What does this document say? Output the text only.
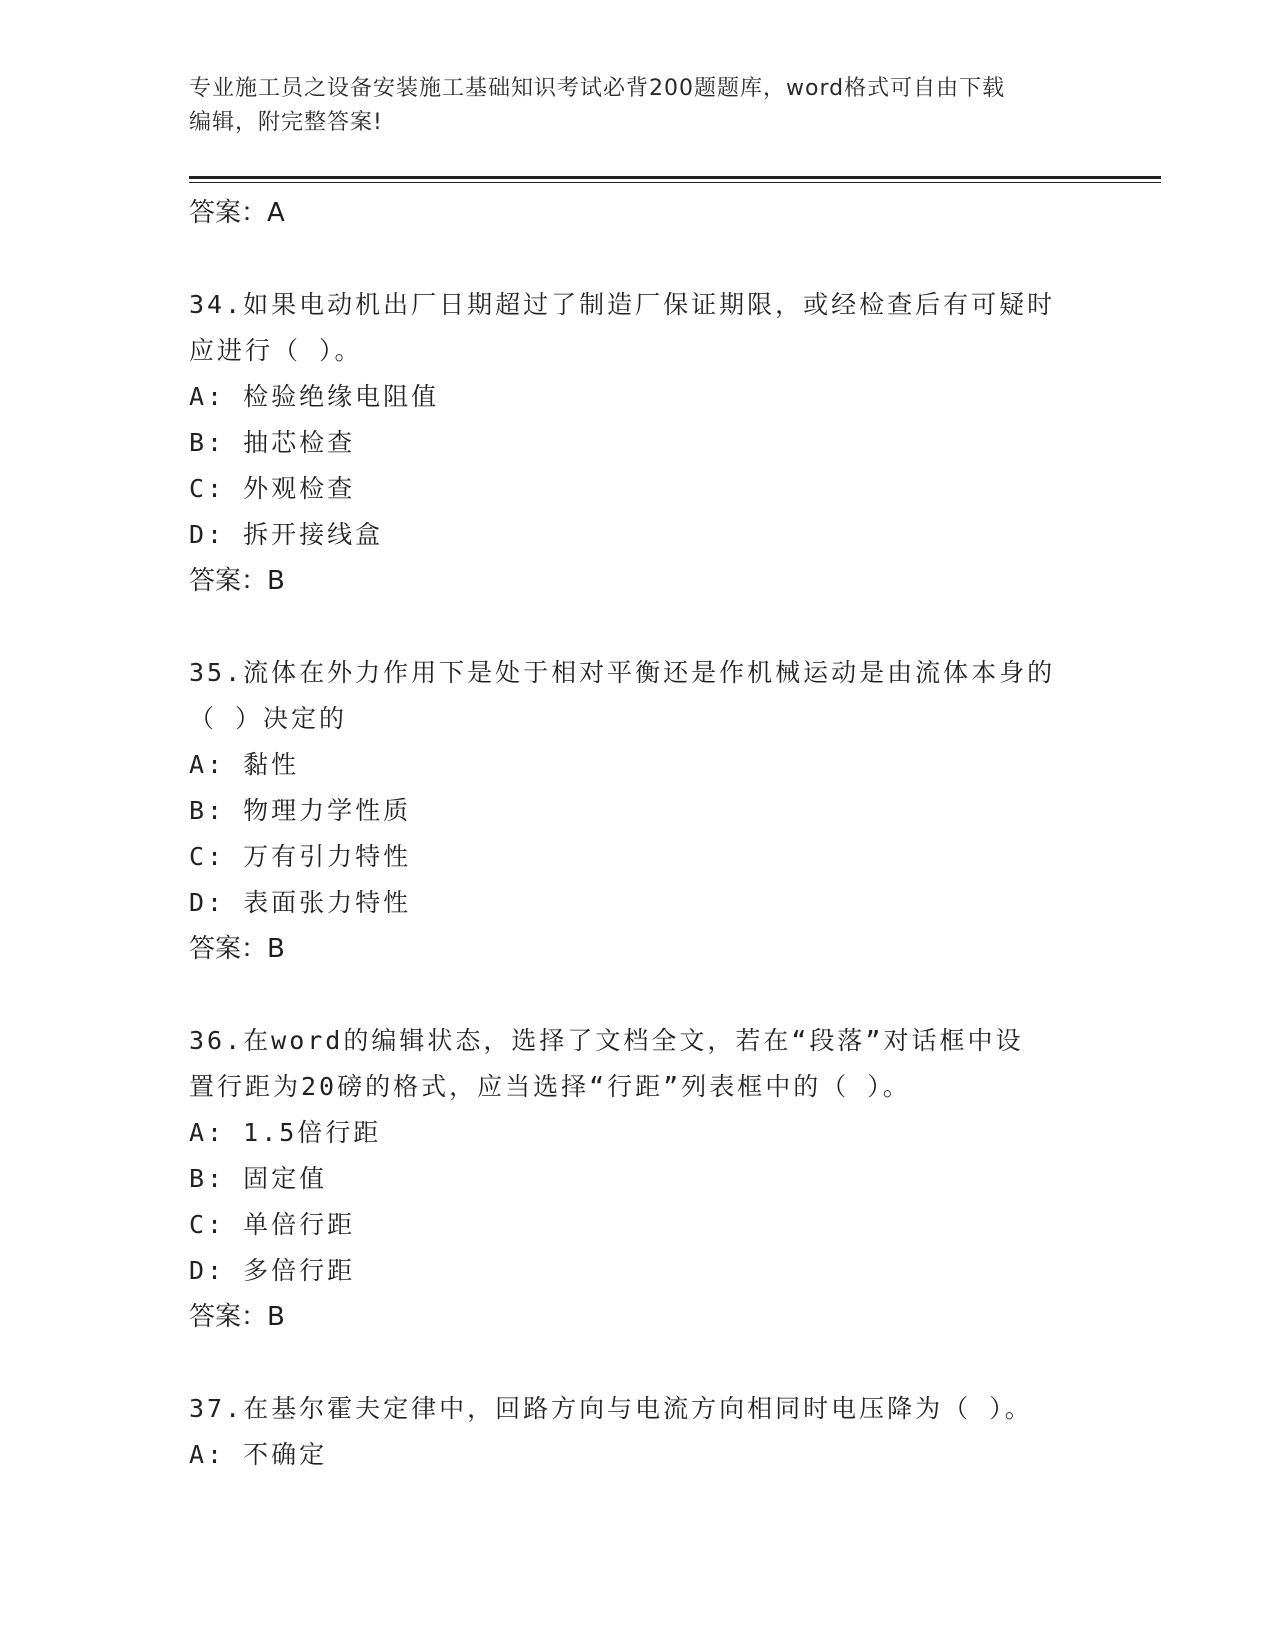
专业施工员之设备安装施工基础知识考试必背200题题库，word格式可自由下载
编辑，附完整答案!
答案：A
34.如果电动机出厂日期超过了制造厂保证期限，或经检查后有可疑时
应进行（ ）。
A: 检验绝缘电阻值
B: 抽芯检查
C: 外观检查
D: 拆开接线盒
答案：B
35.流体在外力作用下是处于相对平衡还是作机械运动是由流体本身的
（ ）决定的
A: 黏性
B: 物理力学性质
C: 万有引力特性
D: 表面张力特性
答案：B
36.在word的编辑状态，选择了文档全文，若在“段落”对话框中设
置行距为20磅的格式，应当选择“行距”列表框中的（ ）。
A: 1.5倍行距
B: 固定值
C: 单倍行距
D: 多倍行距
答案：B
37.在基尔霍夫定律中，回路方向与电流方向相同时电压降为（ ）。
A: 不确定
